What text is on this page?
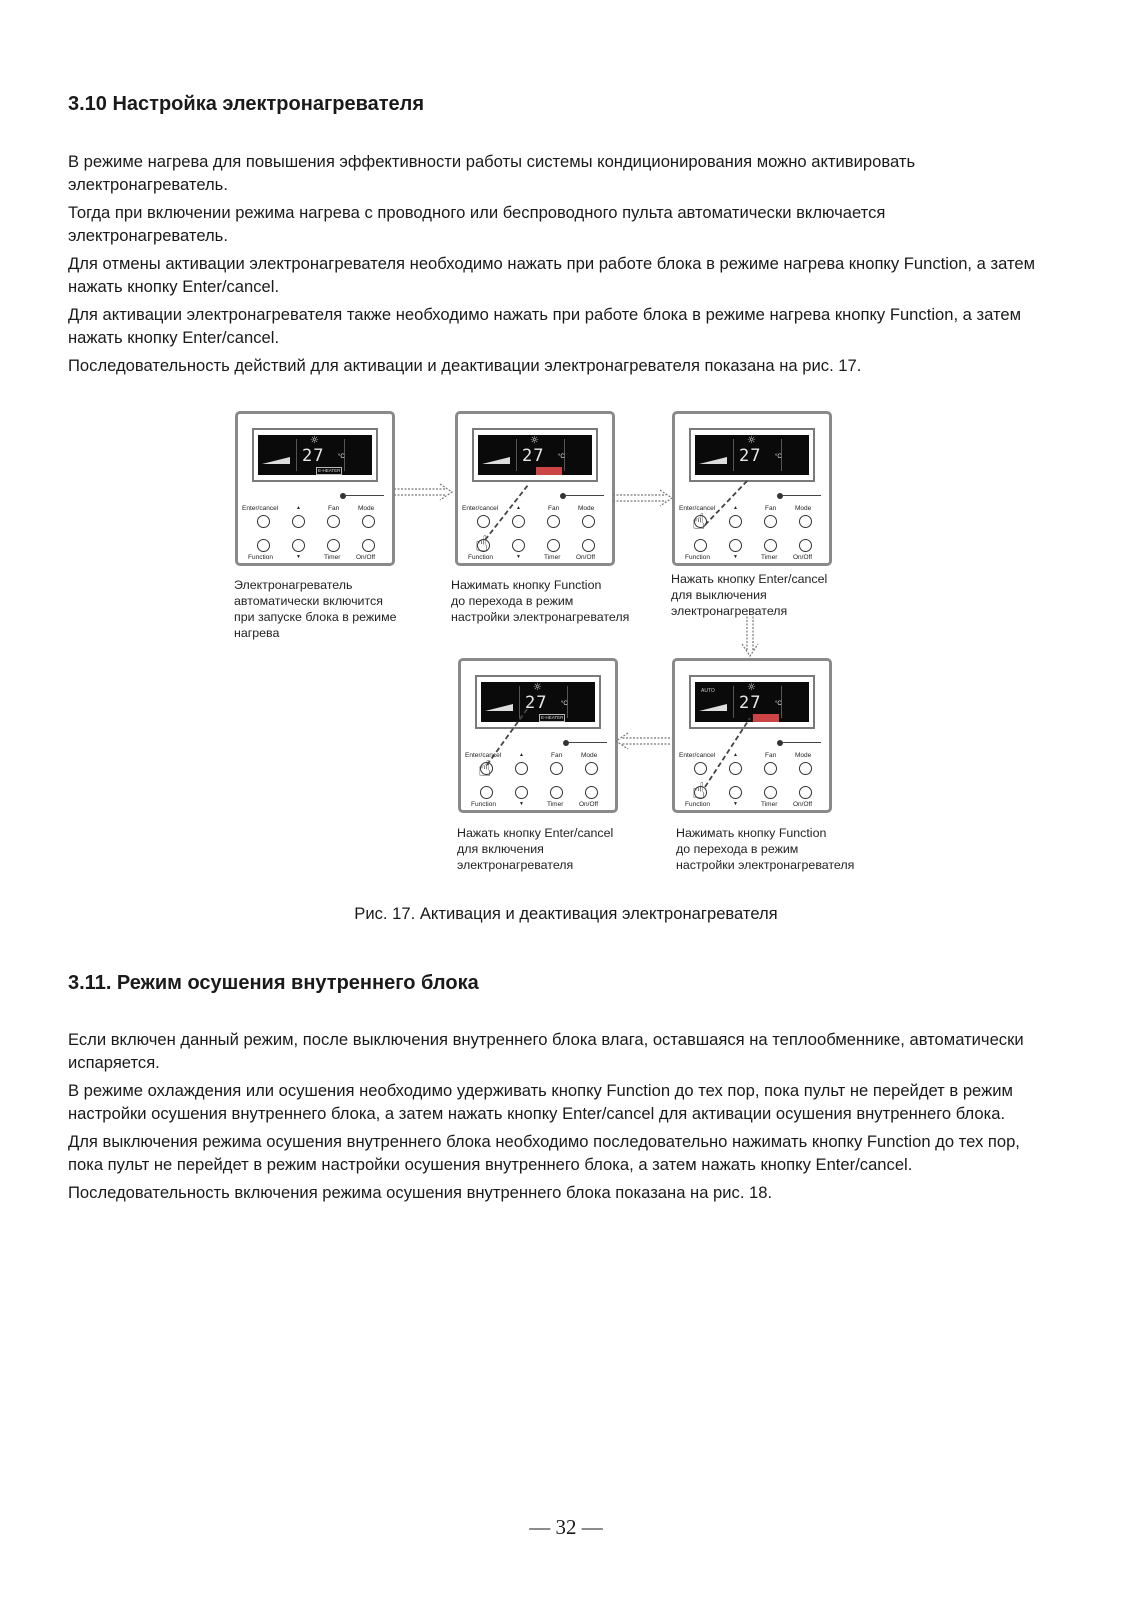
3.10 Настройка электронагревателя

В режиме нагрева для повышения эффективности работы системы кондиционирования можно активировать электронагреватель.

Тогда при включении режима нагрева с проводного или беспроводного пульта автоматически включается электронагреватель.

Для отмены активации электронагревателя необходимо нажать при работе блока в режиме нагрева кнопку Function, а затем нажать кнопку Enter/cancel.

Для активации электронагревателя также необходимо нажать при работе блока в режиме нагрева кнопку Function, а затем нажать кнопку Enter/cancel.

Последовательность действий для активации и деактивации электронагревателя показана на рис. 17.

☼
27 °C
E-HEATER
Enter/cancel	▲	Fan	Mode
Function	▼	Timer On/Off
☼
27 °C
E-HEATER
Enter/cancel	▲	Fan	Mode
Function	▼	Timer On/Off
☝
☼
27 °C
Enter/cancel	▲	Fan	Mode
Function	▼	Timer On/Off
☝
☼
27 °C
E-HEATER
Enter/cancel	▲	Fan	Mode
Function	▼	Timer On/Off
☝
☼
27 °C
E-HEATER
AUTO
Enter/cancel	▲	Fan	Mode
Function	▼	Timer On/Off
☝
Электронагреватель
автоматически включится
при запуске блока в режиме
нагрева
Нажимать кнопку Function
до перехода в режим
настройки электронагревателя
Нажать кнопку Enter/cancel
для выключения
электронагревателя
Нажать кнопку Enter/cancel
для включения
электронагревателя
Нажимать кнопку Function
до перехода в режим
настройки электронагревателя
Рис. 17. Активация и деактивация электронагревателя
3.11. Режим осушения внутреннего блока

Если включен данный режим, после выключения внутреннего блока влага, оставшаяся на теплообменнике, автоматически испаряется.

В режиме охлаждения или осушения необходимо удерживать кнопку Function до тех пор, пока пульт не перейдет в режим настройки осушения внутреннего блока, а затем нажать кнопку Enter/cancel для активации осушения внутреннего блока.

Для выключения режима осушения внутреннего блока необходимо последовательно нажимать кнопку Function до тех пор, пока пульт не перейдет в режим настройки осушения внутреннего блока, а затем нажать кнопку Enter/cancel.

Последовательность включения режима осушения внутреннего блока показана на рис. 18.

— 32 —
